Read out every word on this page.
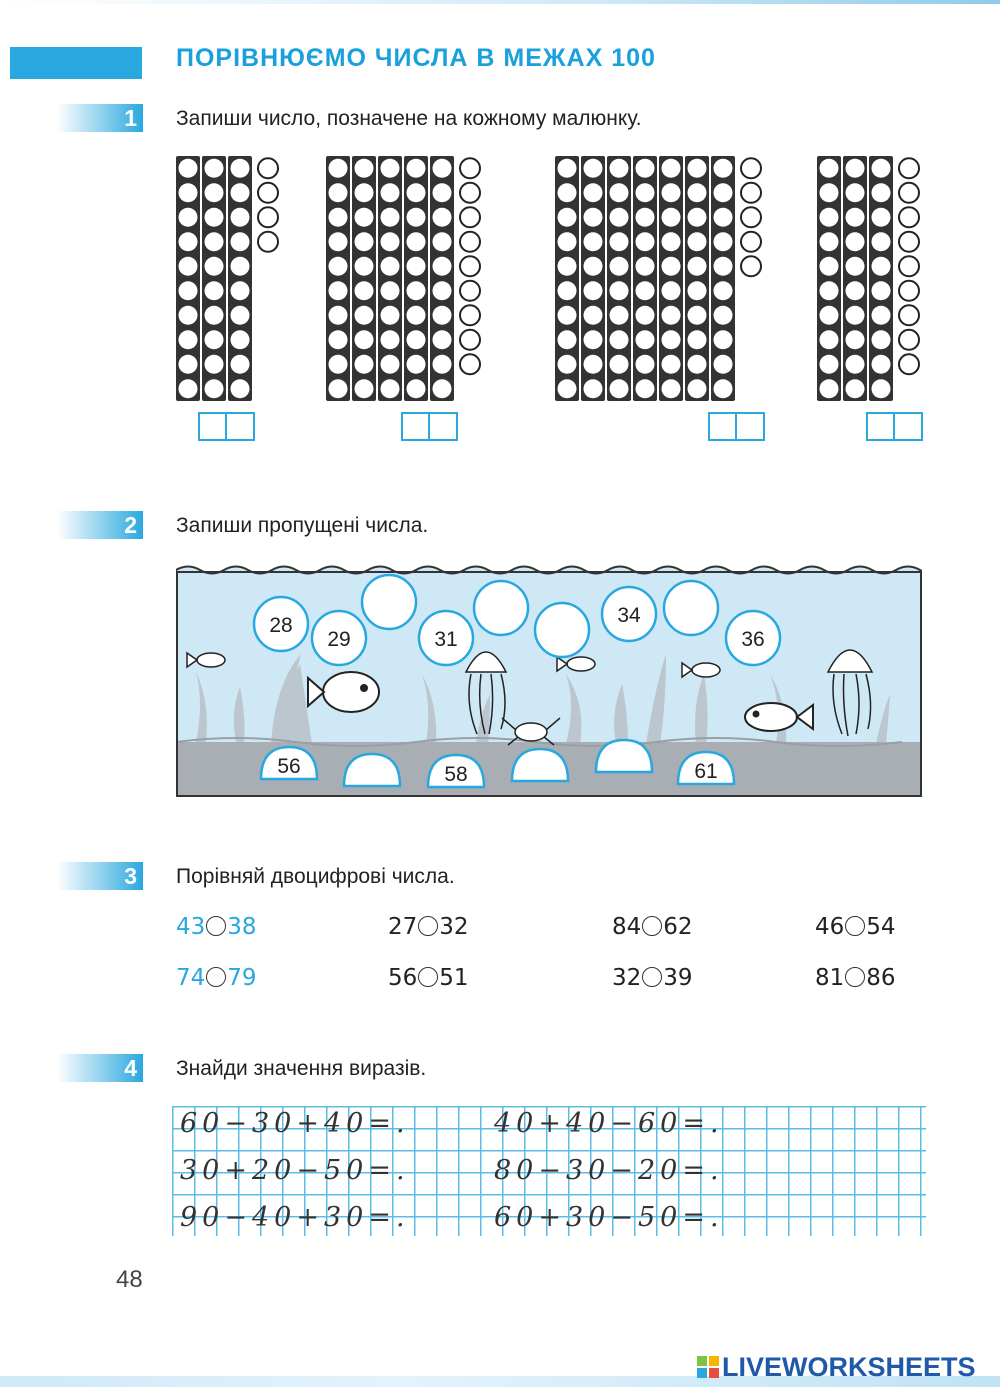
ПОРІВНЮЄМО ЧИСЛА В МЕЖАХ 100
1 Запиши число, позначене на кожному малюнку.
2 Запиши пропущені числа.
28
29	31
34
36
56	58	61
3 Порівняй двоцифрові числа.
43 38	27 32	84 62	46 54
74 79	56 51	32 39	81 86
4 Знайди значення виразів.
60−30+40=.	40+40−60=.
30+20−50=.	80−30−20=.
90−40+30=.	60+30−50=.
48
LIVEWORKSHEETS
